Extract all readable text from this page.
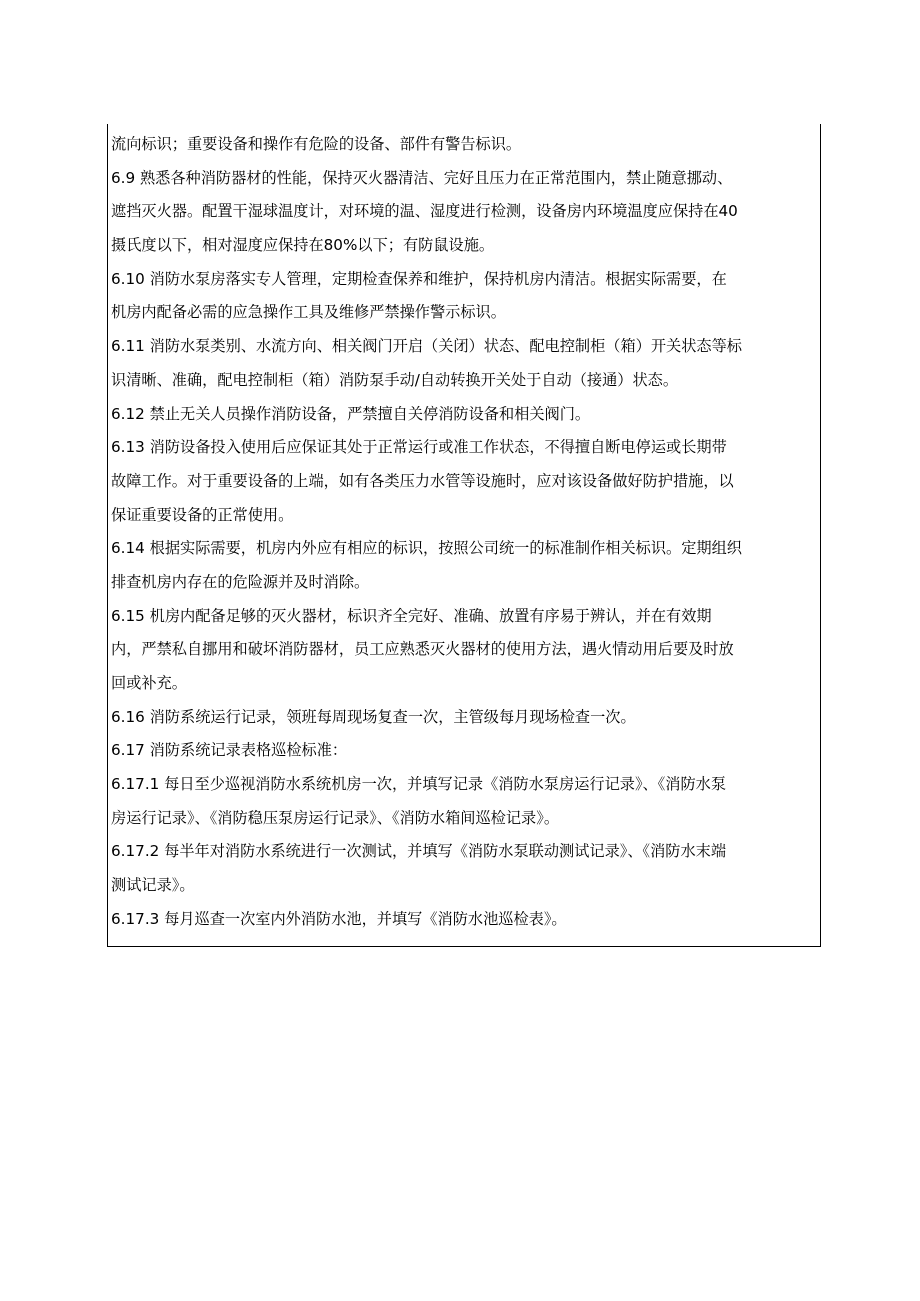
流向标识；重要设备和操作有危险的设备、部件有警告标识。
6.9 熟悉各种消防器材的性能，保持灭火器清洁、完好且压力在正常范围内，禁止随意挪动、
遮挡灭火器。配置干湿球温度计，对环境的温、湿度进行检测，设备房内环境温度应保持在40
摄氏度以下，相对湿度应保持在80%以下；有防鼠设施。
6.10 消防水泵房落实专人管理，定期检查保养和维护，保持机房内清洁。根据实际需要，在
机房内配备必需的应急操作工具及维修严禁操作警示标识。
6.11 消防水泵类别、水流方向、相关阀门开启（关闭）状态、配电控制柜（箱）开关状态等标
识清晰、准确，配电控制柜（箱）消防泵手动/自动转换开关处于自动（接通）状态。
6.12 禁止无关人员操作消防设备，严禁擅自关停消防设备和相关阀门。
6.13 消防设备投入使用后应保证其处于正常运行或准工作状态，不得擅自断电停运或长期带
故障工作。对于重要设备的上端，如有各类压力水管等设施时，应对该设备做好防护措施，以
保证重要设备的正常使用。
6.14 根据实际需要，机房内外应有相应的标识，按照公司统一的标准制作相关标识。定期组织
排查机房内存在的危险源并及时消除。
6.15 机房内配备足够的灭火器材，标识齐全完好、准确、放置有序易于辨认，并在有效期
内，严禁私自挪用和破坏消防器材，员工应熟悉灭火器材的使用方法，遇火情动用后要及时放
回或补充。
6.16 消防系统运行记录，领班每周现场复查一次，主管级每月现场检查一次。
6.17 消防系统记录表格巡检标准：
6.17.1 每日至少巡视消防水系统机房一次，并填写记录《消防水泵房运行记录》、《消防水泵
房运行记录》、《消防稳压泵房运行记录》、《消防水箱间巡检记录》。
6.17.2 每半年对消防水系统进行一次测试，并填写《消防水泵联动测试记录》、《消防水末端
测试记录》。
6.17.3 每月巡查一次室内外消防水池，并填写《消防水池巡检表》。
